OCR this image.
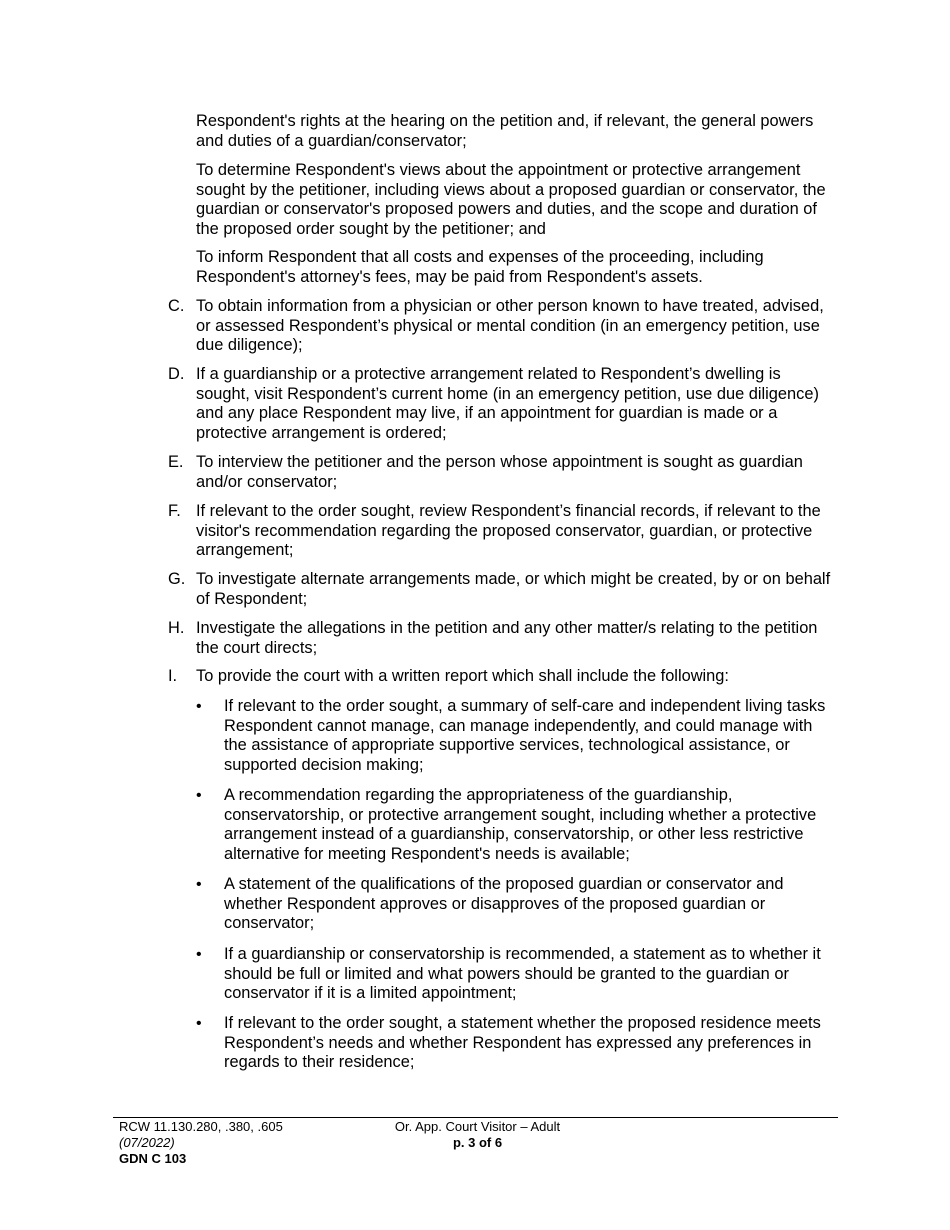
Respondent's rights at the hearing on the petition and, if relevant, the general powers and duties of a guardian/conservator;

To determine Respondent's views about the appointment or protective arrangement sought by the petitioner, including views about a proposed guardian or conservator, the guardian or conservator's proposed powers and duties, and the scope and duration of the proposed order sought by the petitioner; and

To inform Respondent that all costs and expenses of the proceeding, including Respondent's attorney's fees, may be paid from Respondent's assets.

C. To obtain information from a physician or other person known to have treated, advised, or assessed Respondent’s physical or mental condition (in an emergency petition, use due diligence);
D. If a guardianship or a protective arrangement related to Respondent’s dwelling is sought, visit Respondent’s current home (in an emergency petition, use due diligence) and any place Respondent may live, if an appointment for guardian is made or a protective arrangement is ordered;
E. To interview the petitioner and the person whose appointment is sought as guardian and/or conservator;
F. If relevant to the order sought, review Respondent’s financial records, if relevant to the visitor's recommendation regarding the proposed conservator, guardian, or protective arrangement;
G. To investigate alternate arrangements made, or which might be created, by or on behalf of Respondent;
H. Investigate the allegations in the petition and any other matter/s relating to the petition the court directs;
I. To provide the court with a written report which shall include the following:
• If relevant to the order sought, a summary of self-care and independent living tasks Respondent cannot manage, can manage independently, and could manage with the assistance of appropriate supportive services, technological assistance, or supported decision making;
• A recommendation regarding the appropriateness of the guardianship, conservatorship, or protective arrangement sought, including whether a protective arrangement instead of a guardianship, conservatorship, or other less restrictive alternative for meeting Respondent's needs is available;
• A statement of the qualifications of the proposed guardian or conservator and whether Respondent approves or disapproves of the proposed guardian or conservator;
• If a guardianship or conservatorship is recommended, a statement as to whether it should be full or limited and what powers should be granted to the guardian or conservator if it is a limited appointment;
• If relevant to the order sought, a statement whether the proposed residence meets Respondent’s needs and whether Respondent has expressed any preferences in regards to their residence;
RCW 11.130.280, .380, .605
(07/2022)
GDN C 103
Or. App. Court Visitor – Adult
p. 3 of 6
